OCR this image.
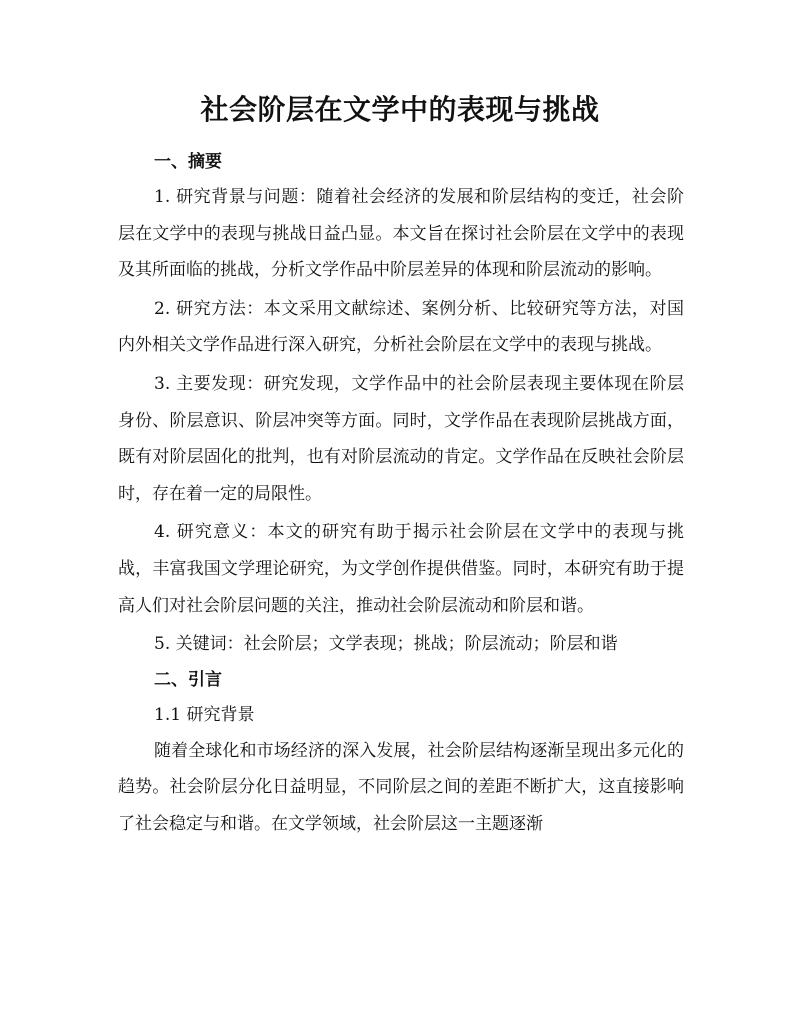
社会阶层在文学中的表现与挑战
一、摘要

1. 研究背景与问题：随着社会经济的发展和阶层结构的变迁，社会阶层在文学中的表现与挑战日益凸显。本文旨在探讨社会阶层在文学中的表现及其所面临的挑战，分析文学作品中阶层差异的体现和阶层流动的影响。

2. 研究方法：本文采用文献综述、案例分析、比较研究等方法，对国内外相关文学作品进行深入研究，分析社会阶层在文学中的表现与挑战。

3. 主要发现：研究发现，文学作品中的社会阶层表现主要体现在阶层身份、阶层意识、阶层冲突等方面。同时，文学作品在表现阶层挑战方面，既有对阶层固化的批判，也有对阶层流动的肯定。文学作品在反映社会阶层时，存在着一定的局限性。

4. 研究意义：本文的研究有助于揭示社会阶层在文学中的表现与挑战，丰富我国文学理论研究，为文学创作提供借鉴。同时，本研究有助于提高人们对社会阶层问题的关注，推动社会阶层流动和阶层和谐。

5. 关键词：社会阶层；文学表现；挑战；阶层流动；阶层和谐

二、引言
1.1 研究背景

随着全球化和市场经济的深入发展，社会阶层结构逐渐呈现出多元化的趋势。社会阶层分化日益明显，不同阶层之间的差距不断扩大，这直接影响了社会稳定与和谐。在文学领域，社会阶层这一主题逐渐
